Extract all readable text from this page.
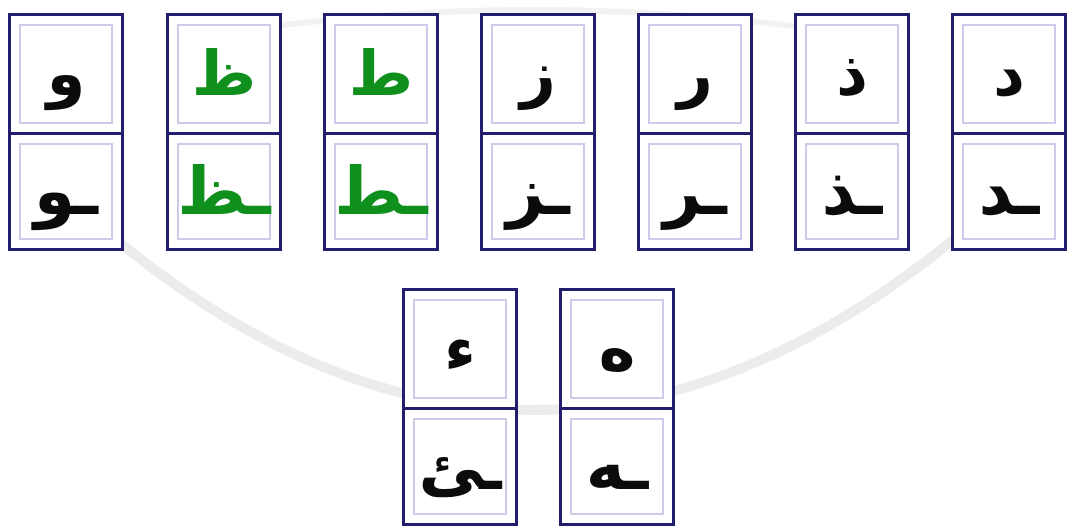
و
ـو
ظ
ـظ
ط
ـط
ز
ـز
ر
ـر
ذ
ـذ
د
ـد
ء
ـئ
ه
ـه
